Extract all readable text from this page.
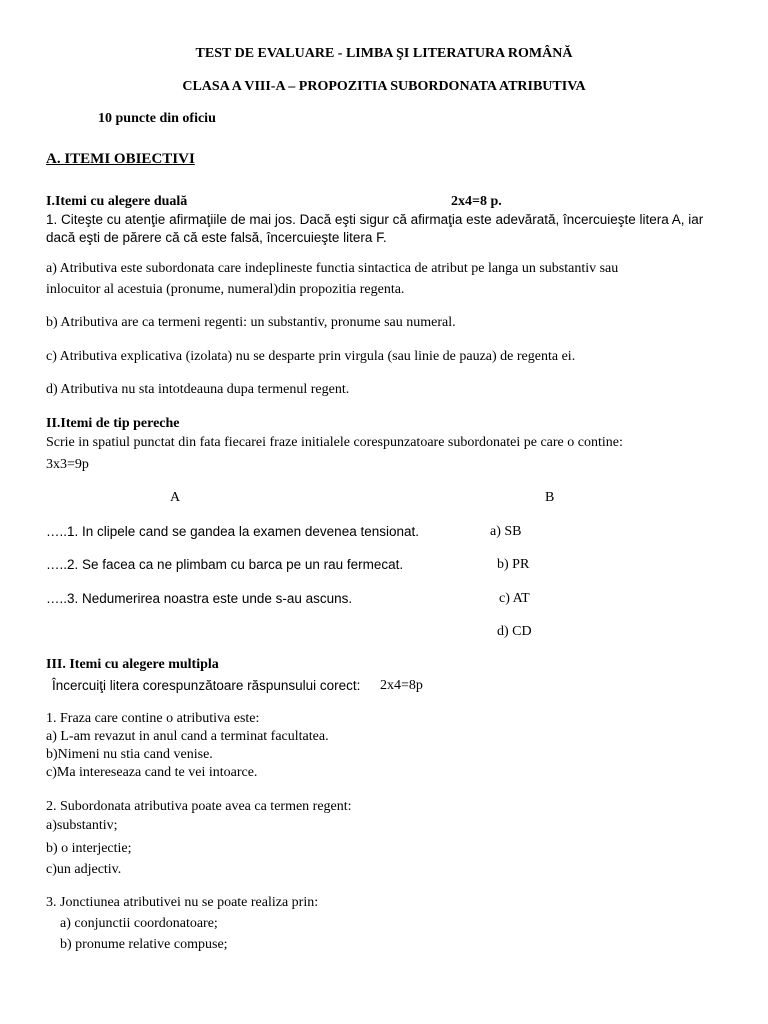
TEST DE EVALUARE - LIMBA ŞI LITERATURA ROMÂNĂ
CLASA A VIII-A – PROPOZITIA SUBORDONATA ATRIBUTIVA
10 puncte din oficiu
A. ITEMI OBIECTIVI
I.Itemi cu alegere duală	2x4=8 p.
1. Citeşte cu atenţie afirmaţiile de mai jos. Dacă eşti sigur că afirmaţia este adevărată, încercuieşte litera A, iar
dacă eşti de părere că că este falsă, încercuieşte litera F.
a) Atributiva este subordonata care indeplineste functia sintactica de atribut pe langa un substantiv sau
inlocuitor al acestuia (pronume, numeral)din propozitia regenta.
b) Atributiva are ca termeni regenti: un substantiv, pronume sau numeral.
c) Atributiva explicativa (izolata) nu se desparte prin virgula (sau linie de pauza) de regenta ei.
d) Atributiva nu sta intotdeauna dupa termenul regent.
II.Itemi de tip pereche
Scrie in spatiul punctat din fata fiecarei fraze initialele corespunzatoare subordonatei pe care o contine:
3x3=9p
A	B
…..1. In clipele cand se gandea la examen devenea tensionat.
…..2. Se facea ca ne plimbam cu barca pe un rau fermecat.
…..3. Nedumerirea noastra este unde s-au ascuns.
a) SB
b) PR
c) AT
d) CD
III. Itemi cu alegere multipla
Încercuiţi litera corespunzătoare răspunsului corect: 2x4=8p
1. Fraza care contine o atributiva este:
a) L-am revazut in anul cand a terminat facultatea.
b)Nimeni nu stia cand venise.
c)Ma intereseaza cand te vei intoarce.
2. Subordonata atributiva poate avea ca termen regent:
a)substantiv;
b) o interjectie;
c)un adjectiv.
3. Jonctiunea atributivei nu se poate realiza prin:
a) conjunctii coordonatoare;
b) pronume relative compuse;
